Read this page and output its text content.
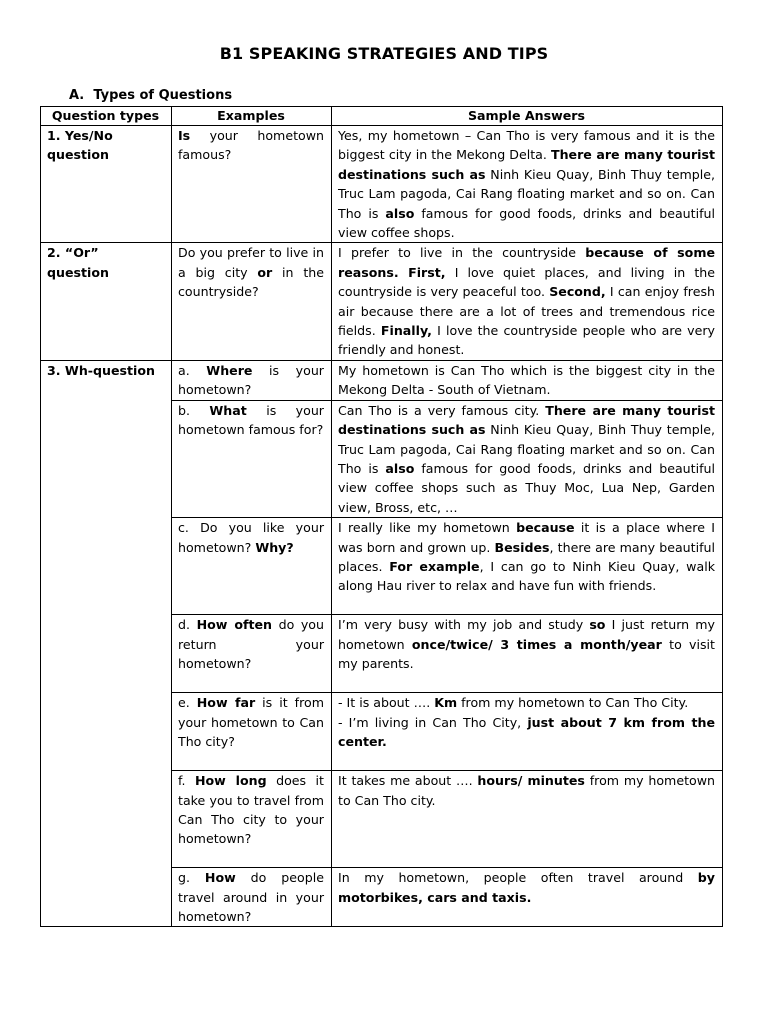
B1 SPEAKING STRATEGIES AND TIPS
A. Types of Questions
Question types	Examples	Sample Answers
1. Yes/No question	Is your hometown famous?	Yes, my hometown – Can Tho is very famous and it is the biggest city in the Mekong Delta. There are many tourist destinations such as Ninh Kieu Quay, Binh Thuy temple, Truc Lam pagoda, Cai Rang floating market and so on. Can Tho is also famous for good foods, drinks and beautiful view coffee shops.
2. “Or” question	Do you prefer to live in a big city or in the countryside?	I prefer to live in the countryside because of some reasons. First, I love quiet places, and living in the countryside is very peaceful too. Second, I can enjoy fresh air because there are a lot of trees and tremendous rice fields. Finally, I love the countryside people who are very friendly and honest.
3. Wh-question	a. Where is your hometown?	My hometown is Can Tho which is the biggest city in the Mekong Delta - South of Vietnam.
	b. What is your hometown famous for?	Can Tho is a very famous city. There are many tourist destinations such as Ninh Kieu Quay, Binh Thuy temple, Truc Lam pagoda, Cai Rang floating market and so on. Can Tho is also famous for good foods, drinks and beautiful view coffee shops such as Thuy Moc, Lua Nep, Garden view, Bross, etc, …
	c. Do you like your hometown? Why?	I really like my hometown because it is a place where I was born and grown up. Besides, there are many beautiful places. For example, I can go to Ninh Kieu Quay, walk along Hau river to relax and have fun with friends.
	d. How often do you return your hometown?	I’m very busy with my job and study so I just return my hometown once/twice/ 3 times a month/year to visit my parents.
	e. How far is it from your hometown to Can Tho city?	- It is about …. Km from my hometown to Can Tho City.
- I’m living in Can Tho City, just about 7 km from the center.
	f. How long does it take you to travel from Can Tho city to your hometown?	It takes me about …. hours/ minutes from my hometown to Can Tho city.
	g. How do people travel around in your hometown?	In my hometown, people often travel around by motorbikes, cars and taxis.
